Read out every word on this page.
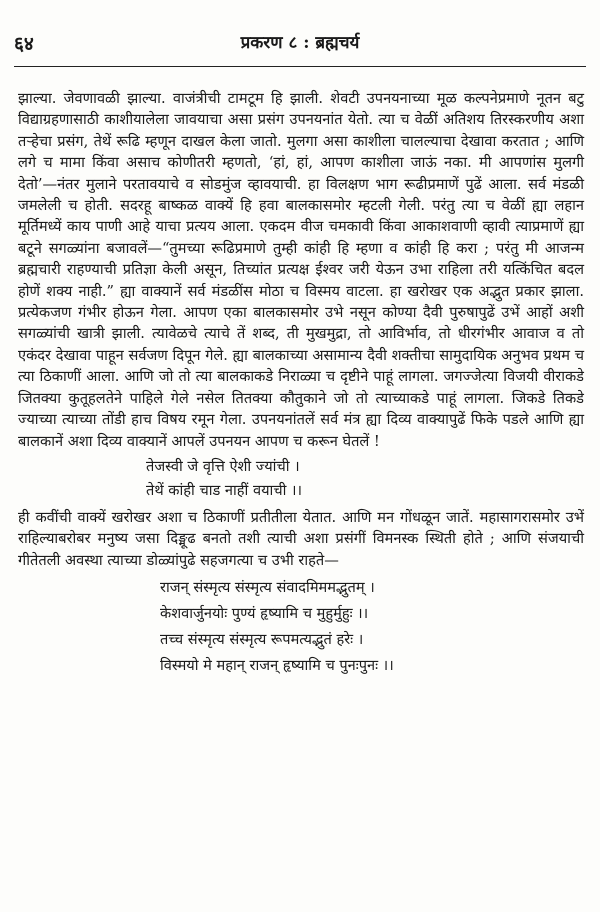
६४	प्रकरण ८ : ब्रह्मचर्य

झाल्या. जेवणावळी झाल्या. वाजंत्रीची टामटूम हि झाली. शेवटी उपनयनाच्या मूळ कल्पनेप्रमाणे नूतन बटु विद्याग्रहणासाठी काशीयालेला जावयाचा असा प्रसंग उपनयनांत येतो. त्या च वेळीं अतिशय तिरस्करणीय अशा तऱ्हेचा प्रसंग, तेथें रूढि म्हणून दाखल केला जातो. मुलगा असा काशीला चालल्याचा देखावा करतात ; आणि लगे च मामा किंवा असाच कोणीतरी म्हणतो, ‘हां, हां, आपण काशीला जाऊं नका. मी आपणांस मुलगी देतो’—नंतर मुलाने परतावयाचे व सोडमुंज व्हावयाची. हा विलक्षण भाग रूढीप्रमाणें पुढें आला. सर्व मंडळी जमलेली च होती. सदरहू बाष्कळ वाक्यें हि हवा बालकासमोर म्हटली गेली. परंतु त्या च वेळीं ह्या लहान मूर्तिमध्यें काय पाणी आहे याचा प्रत्यय आला. एकदम वीज चमकावी किंवा आकाशवाणी व्हावी त्याप्रमाणें ह्या बटूने सगळ्यांना बजावलें—“तुमच्या रूढिप्रमाणे तुम्ही कांही हि म्हणा व कांही हि करा ; परंतु मी आजन्म ब्रह्मचारी राहण्याची प्रतिज्ञा केली असून, तिच्यांत प्रत्यक्ष ईश्वर जरी येऊन उभा राहिला तरी यत्किंचित बदल होणें शक्य नाही.” ह्या वाक्यानें सर्व मंडळींस मोठा च विस्मय वाटला. हा खरोखर एक अद्भुत प्रकार झाला. प्रत्येकजण गंभीर होऊन गेला. आपण एका बालकासमोर उभे नसून कोण्या दैवी पुरुषापुढें उभें आहों अशी सगळ्यांची खात्री झाली. त्यावेळचे त्याचे तें शब्द, ती मुखमुद्रा, तो आविर्भाव, तो धीरगंभीर आवाज व तो एकंदर देखावा पाहून सर्वजण दिपून गेले. ह्या बालकाच्या असामान्य दैवी शक्तीचा सामुदायिक अनुभव प्रथम च त्या ठिकाणीं आला. आणि जो तो त्या बालकाकडे निराळ्या च दृष्टीने पाहूं लागला. जगज्जेत्या विजयी वीराकडे जितक्या कुतूहलतेने पाहिले गेले नसेल तितक्या कौतुकाने जो तो त्याच्याकडे पाहूं लागला. जिकडे तिकडे ज्याच्या त्याच्या तोंडी हाच विषय रमून गेला. उपनयनांतलें सर्व मंत्र ह्या दिव्य वाक्यापुढें फिके पडले आणि ह्या बालकानें अशा दिव्य वाक्यानें आपलें उपनयन आपण च करून घेतलें !

तेजस्वी जे वृत्ति ऐशी ज्यांची ।
तेथें कांही चाड नाहीं वयाची ।।

ही कवींची वाक्यें खरोखर अशा च ठिकाणीं प्रतीतीला येतात. आणि मन गोंधळून जातें. महासागरासमोर उभें राहिल्याबरोबर मनुष्य जसा दिङ्मूढ बनतो तशी त्याची अशा प्रसंगीं विमनस्क स्थिती होते ; आणि संजयाची गीतेतली अवस्था त्याच्या डोळ्यांपुढे सहजगत्या च उभी राहते—

राजन् संस्मृत्य संस्मृत्य संवादमिममद्भुतम् ।
केशवार्जुनयोः पुण्यं हृष्यामि च मुहुर्मुहुः ।।
तच्च संस्मृत्य संस्मृत्य रूपमत्यद्भुतं हरेः ।
विस्मयो मे महान् राजन् हृष्यामि च पुनःपुनः ।।
